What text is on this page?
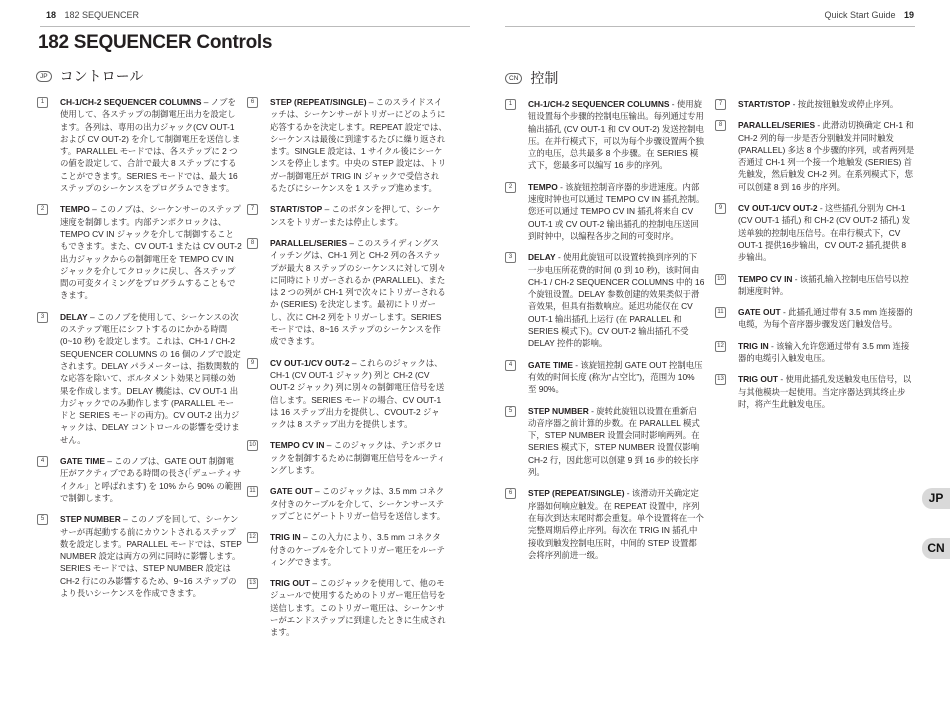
18 182 SEQUENCER	Quick Start Guide 19
182 SEQUENCER Controls
JP コントロール	CN 控制
1	CH-1/CH-2 SEQUENCER COLUMNS – ノブを使用して、各ステップの制御電圧出力を設定します。各列は、専用の出力ジャック(CV OUT-1 および CV OUT-2) を介して制御電圧を送信します。PARALLEL モードでは、各ステップに 2 つの値を設定して、合計で最大 8 ステップにすることができます。SERIES モードでは、最大 16 ステップのシーケンスをプログラムできます。
2	TEMPO – このノブは、シーケンサーのステップ速度を制御します。内部テンポクロックは、TEMPO CV IN ジャックを介して制御することもできます。また、CV OUT-1 または CV OUT-2 出力ジャックからの制御電圧を TEMPO CV IN ジャックを介してクロックに戻し、各ステップ間の可変タイミングをプログラムすることもできます。
3	DELAY – このノブを使用して、シーケンスの次のステップ電圧にシフトするのにかかる時間(0~10 秒) を設定します。これは、CH-1 / CH-2 SEQUENCER COLUMNS の 16 個のノブで設定されます。DELAY パラメーターは、指数関数的な応答を除いて、ポルタメント効果と同様の効果を作成します。DELAY 機能は、CV OUT-1 出力ジャックでのみ動作します (PARALLEL モードと SERIES モードの両方)。CV OUT-2 出力ジャックは、DELAY コントロールの影響を受けません。
4	GATE TIME – このノブは、GATE OUT 制御電圧がアクティブである時間の長さ(「デューティサイクル」と呼ばれます) を 10% から 90% の範囲で制御します。
5	STEP NUMBER – このノブを回して、シーケンサーが再起動する前にカウントされるステップ数を設定します。PARALLEL モードでは、STEP NUMBER 設定は両方の列に同時に影響します。SERIES モードでは、STEP NUMBER 設定は CH-2 行にのみ影響するため、9~16 ステップのより長いシーケンスを作成できます。
6	STEP (REPEAT/SINGLE) – このスライドスイッチは、シーケンサーがトリガーにどのように応答するかを決定します。REPEAT 設定では、シーケンスは最後に到達するたびに繰り返されます。SINGLE 設定は、1 サイクル後にシーケンスを停止します。中央の STEP 設定は、トリガー制御電圧が TRIG IN ジャックで受信されるたびにシーケンスを 1 ステップ進めます。
7	START/STOP – このボタンを押して、シーケンスをトリガーまたは停止します。
8	PARALLEL/SERIES – このスライディングスイッチングは、CH-1 列と CH-2 列の各ステップが最大 8 ステップのシーケンスに対して別々に同時にトリガーされるか (PARALLEL)、または 2 つの列が CH-1 列で次々にトリガーされるか (SERIES) を決定します。最初にトリガーし、次に CH-2 列をトリガーします。SERIES モードでは、8~16 ステップのシーケンスを作成できます。
9	CV OUT-1/CV OUT-2 – これらのジャックは、CH-1 (CV OUT-1 ジャック) 列と CH-2 (CV OUT-2 ジャック) 列に別々の制御電圧信号を送信します。SERIES モードの場合、CV OUT-1 は 16 ステップ出力を提供し、CVOUT-2 ジャックは 8 ステップ出力を提供します。
10 TEMPO CV IN – このジャックは、テンポクロックを制御するために制御電圧信号をルーティングします。
11 GATE OUT – このジャックは、3.5 mm コネクタ付きのケーブルを介して、シーケンサーステップごとにゲートトリガー信号を送信します。
12 TRIG IN – この入力により、3.5 mm コネクタ付きのケーブルを介してトリガー電圧をルーティングできます。
13 TRIG OUT – このジャックを使用して、他のモジュールで使用するためのトリガー電圧信号を送信します。このトリガー電圧は、シーケンサーがエンドステップに到達したときに生成されます。
1	CH-1/CH-2 SEQUENCER COLUMNS - 使用旋钮设置每个步骤的控制电压输出。每列通过专用输出插孔 (CV OUT-1 和 CV OUT-2) 发送控制电压。在并行模式下，可以为每个步骤设置两个独立的电压，总共最多 8 个步骤。在 SERIES 模式下，您最多可以编写 16 步的序列。
2	TEMPO - 该旋钮控制音序器的步进速度。内部速度时钟也可以通过 TEMPO CV IN 插孔控制。您还可以通过 TEMPO CV IN 插孔将来自 CV OUT-1 或 CV OUT-2 输出插孔的控制电压送回到时钟中，以编程各步之间的可变时序。
3	DELAY - 使用此旋钮可以设置转换到序列的下一步电压所花费的时间 (0 到 10 秒)，该时间由 CH-1 / CH-2 SEQUENCER COLUMNS 中的 16 个旋钮设置。DELAY 参数创建的效果类似于滑音效果，但具有指数响应。延迟功能仅在 CV OUT-1 输出插孔上运行 (在 PARALLEL 和 SERIES 模式下)。CV OUT-2 输出插孔不受 DELAY 控件的影响。
4	GATE TIME - 该旋钮控制 GATE OUT 控制电压有效的时间长度 (称为“占空比”)，范围为 10% 至 90%。
5	STEP NUMBER - 旋转此旋钮以设置在重新启动音序器之前计算的步数。在 PARALLEL 模式下，STEP NUMBER 设置会同时影响两列。在 SERIES 模式下，STEP NUMBER 设置仅影响 CH-2 行，因此您可以创建 9 到 16 步的较长序列。
6	STEP (REPEAT/SINGLE) - 该滑动开关确定定序器如何响应触发。在 REPEAT 设置中，序列在每次到达末尾时都会重复。单个设置将在一个完整周期后停止序列。每次在 TRIG IN 插孔中接收到触发控制电压时，中间的 STEP 设置都会将序列前进一级。
7	START/STOP - 按此按钮触发或停止序列。
8	PARALLEL/SERIES - 此滑动切换确定 CH-1 和 CH-2 列的每一步是否分别触发并同时触发 (PARALLEL) 多达 8 个步骤的序列，或者两列是否通过 CH-1 列一个接一个地触发 (SERIES) 首先触发，然后触发 CH-2 列。在系列模式下，您可以创建 8 到 16 步的序列。
9	CV OUT-1/CV OUT-2 - 这些插孔分别为 CH-1 (CV OUT-1 插孔) 和 CH-2 (CV OUT-2 插孔) 发送单独的控制电压信号。在串行模式下，CV OUT-1 提供16步输出，CV OUT-2 插孔提供 8 步输出。
10 TEMPO CV IN - 该插孔输入控制电压信号以控制速度时钟。
11 GATE OUT - 此插孔通过带有 3.5 mm 连接器的电缆，为每个音序器步骤发送门触发信号。
12 TRIG IN - 该输入允许您通过带有 3.5 mm 连接器的电缆引入触发电压。
13 TRIG OUT - 使用此插孔发送触发电压信号，以与其他模块一起使用。当定序器达到其终止步时，将产生此触发电压。
JP
CN
